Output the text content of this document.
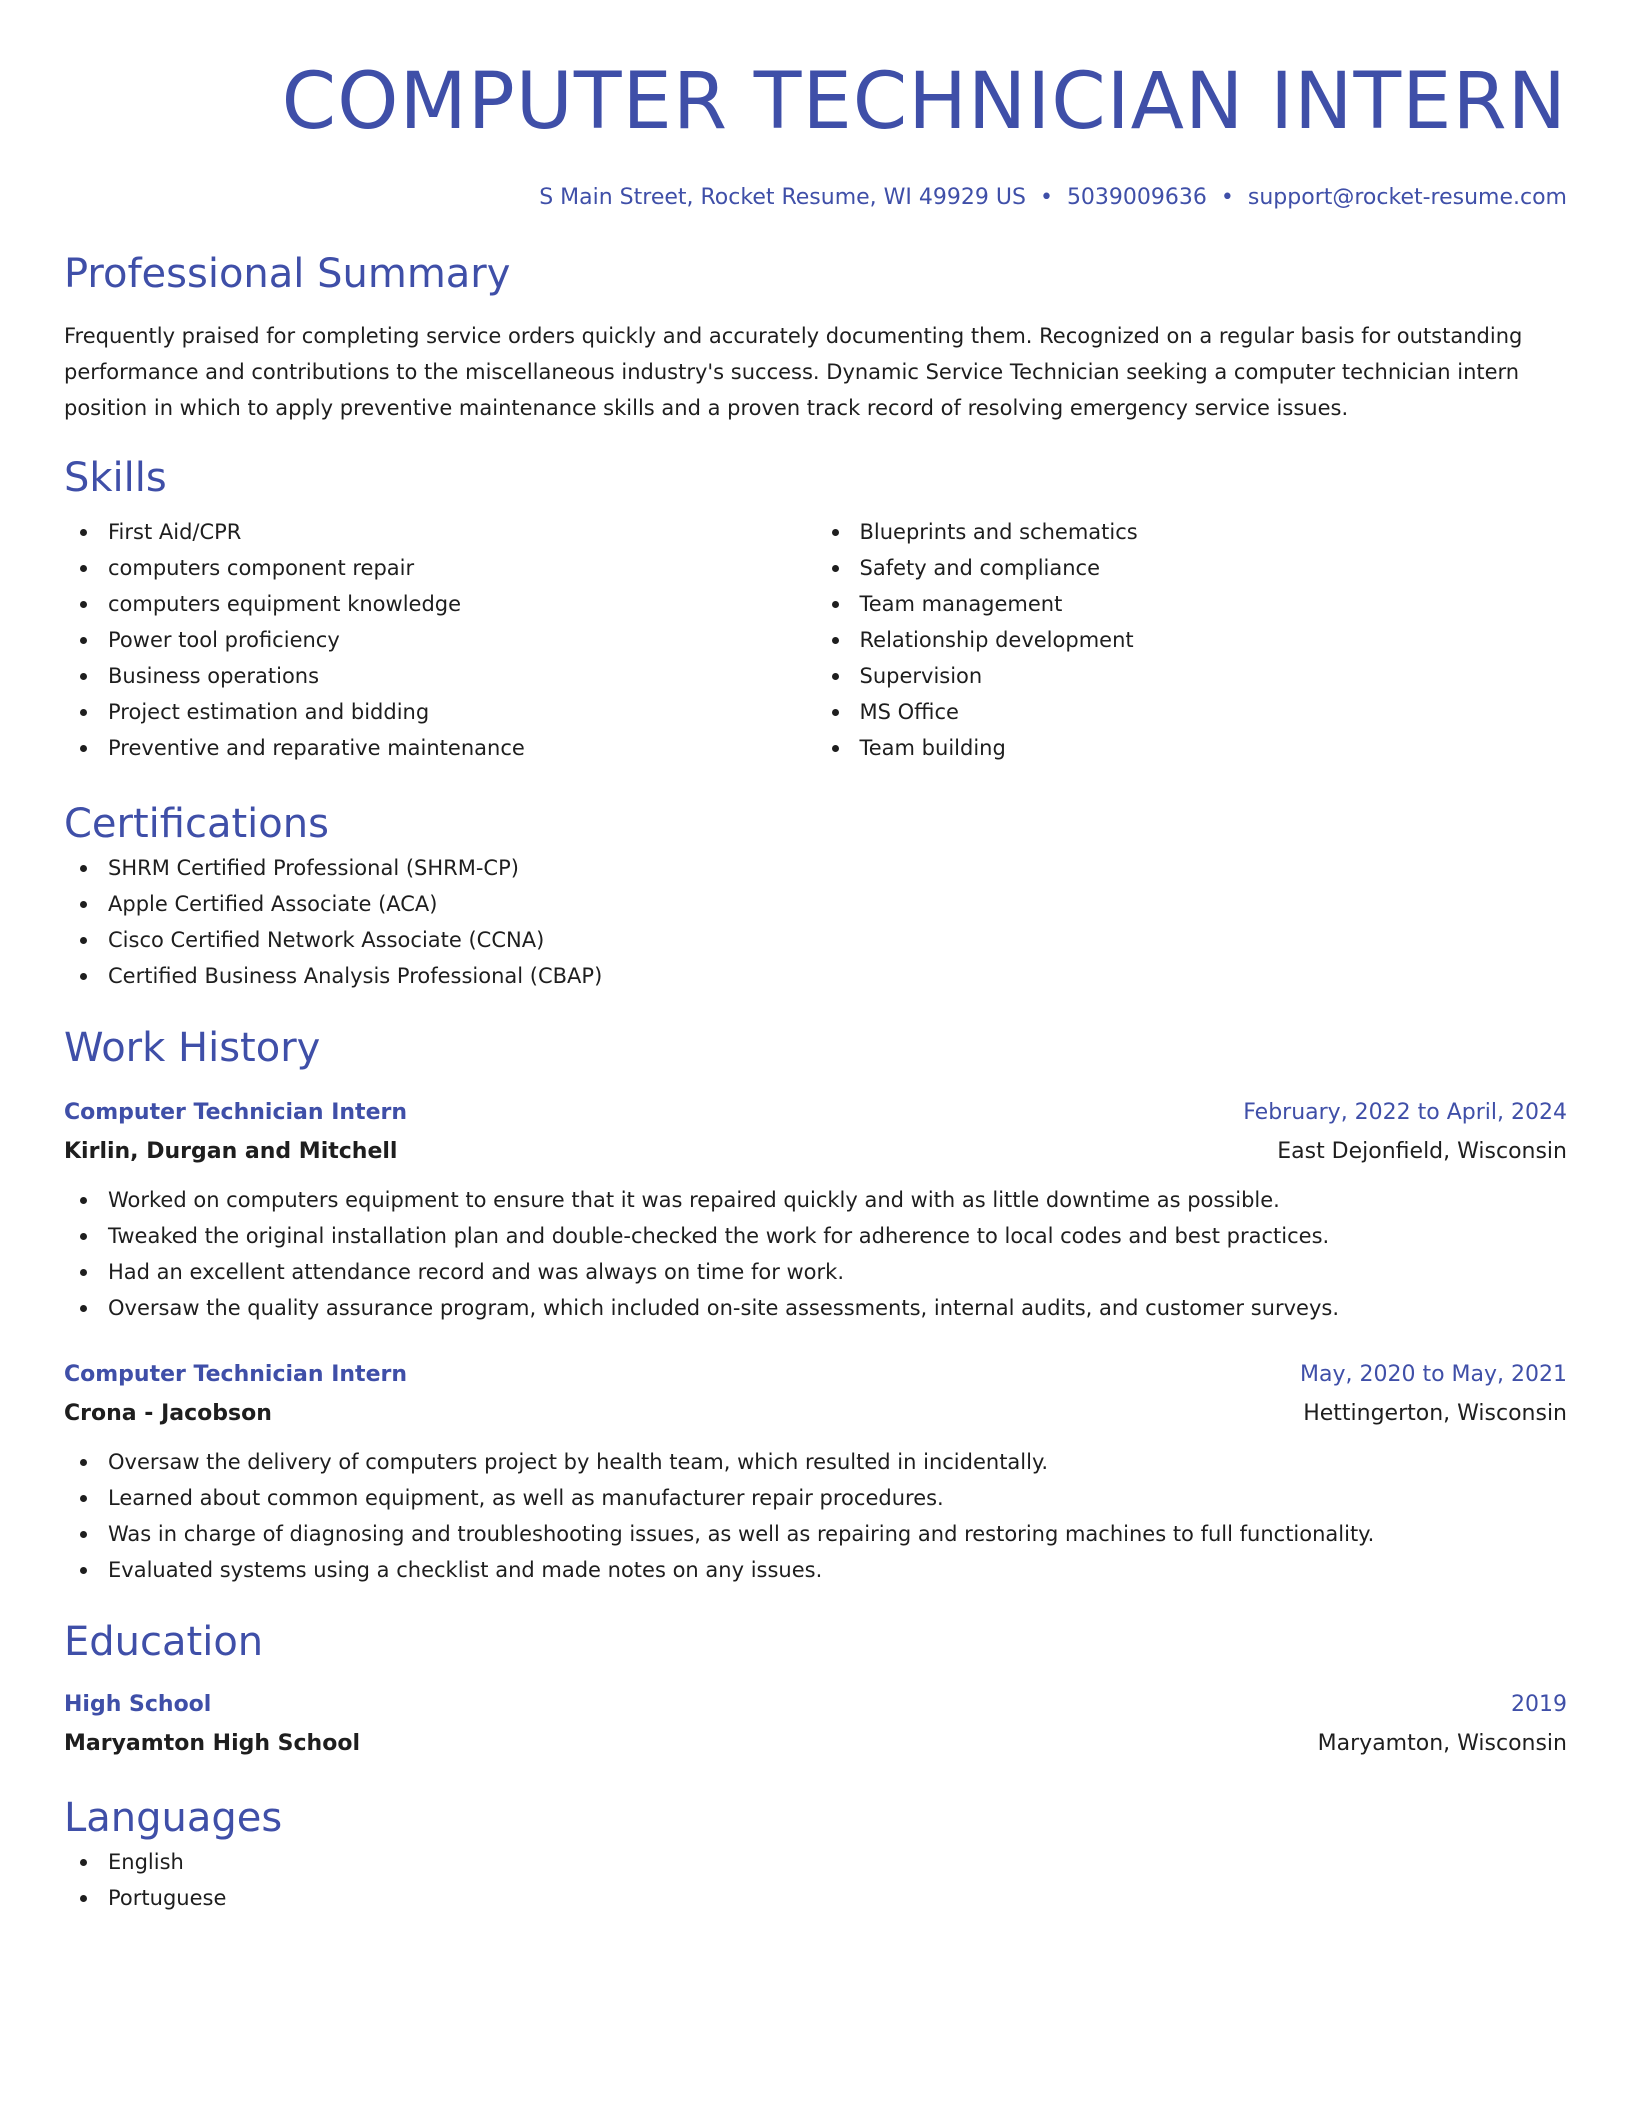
COMPUTER TECHNICIAN INTERN
S Main Street, Rocket Resume, WI 49929 US • 5039009636 • support@rocket-resume.com
Professional Summary
Frequently praised for completing service orders quickly and accurately documenting them. Recognized on a regular basis for outstanding performance and contributions to the miscellaneous industry's success. Dynamic Service Technician seeking a computer technician intern position in which to apply preventive maintenance skills and a proven track record of resolving emergency service issues.
Skills
First Aid/CPR
computers component repair
computers equipment knowledge
Power tool proficiency
Business operations
Project estimation and bidding
Preventive and reparative maintenance
Blueprints and schematics
Safety and compliance
Team management
Relationship development
Supervision
MS Office
Team building
Certifications
SHRM Certified Professional (SHRM-CP)
Apple Certified Associate (ACA)
Cisco Certified Network Associate (CCNA)
Certified Business Analysis Professional (CBAP)
Work History
Computer Technician Intern	February, 2022 to April, 2024
Kirlin, Durgan and Mitchell	East Dejonfield, Wisconsin
Worked on computers equipment to ensure that it was repaired quickly and with as little downtime as possible.
Tweaked the original installation plan and double-checked the work for adherence to local codes and best practices.
Had an excellent attendance record and was always on time for work.
Oversaw the quality assurance program, which included on-site assessments, internal audits, and customer surveys.
Computer Technician Intern	May, 2020 to May, 2021
Crona - Jacobson	Hettingerton, Wisconsin
Oversaw the delivery of computers project by health team, which resulted in incidentally.
Learned about common equipment, as well as manufacturer repair procedures.
Was in charge of diagnosing and troubleshooting issues, as well as repairing and restoring machines to full functionality.
Evaluated systems using a checklist and made notes on any issues.
Education
High School	2019
Maryamton High School	Maryamton, Wisconsin
Languages
English
Portuguese
